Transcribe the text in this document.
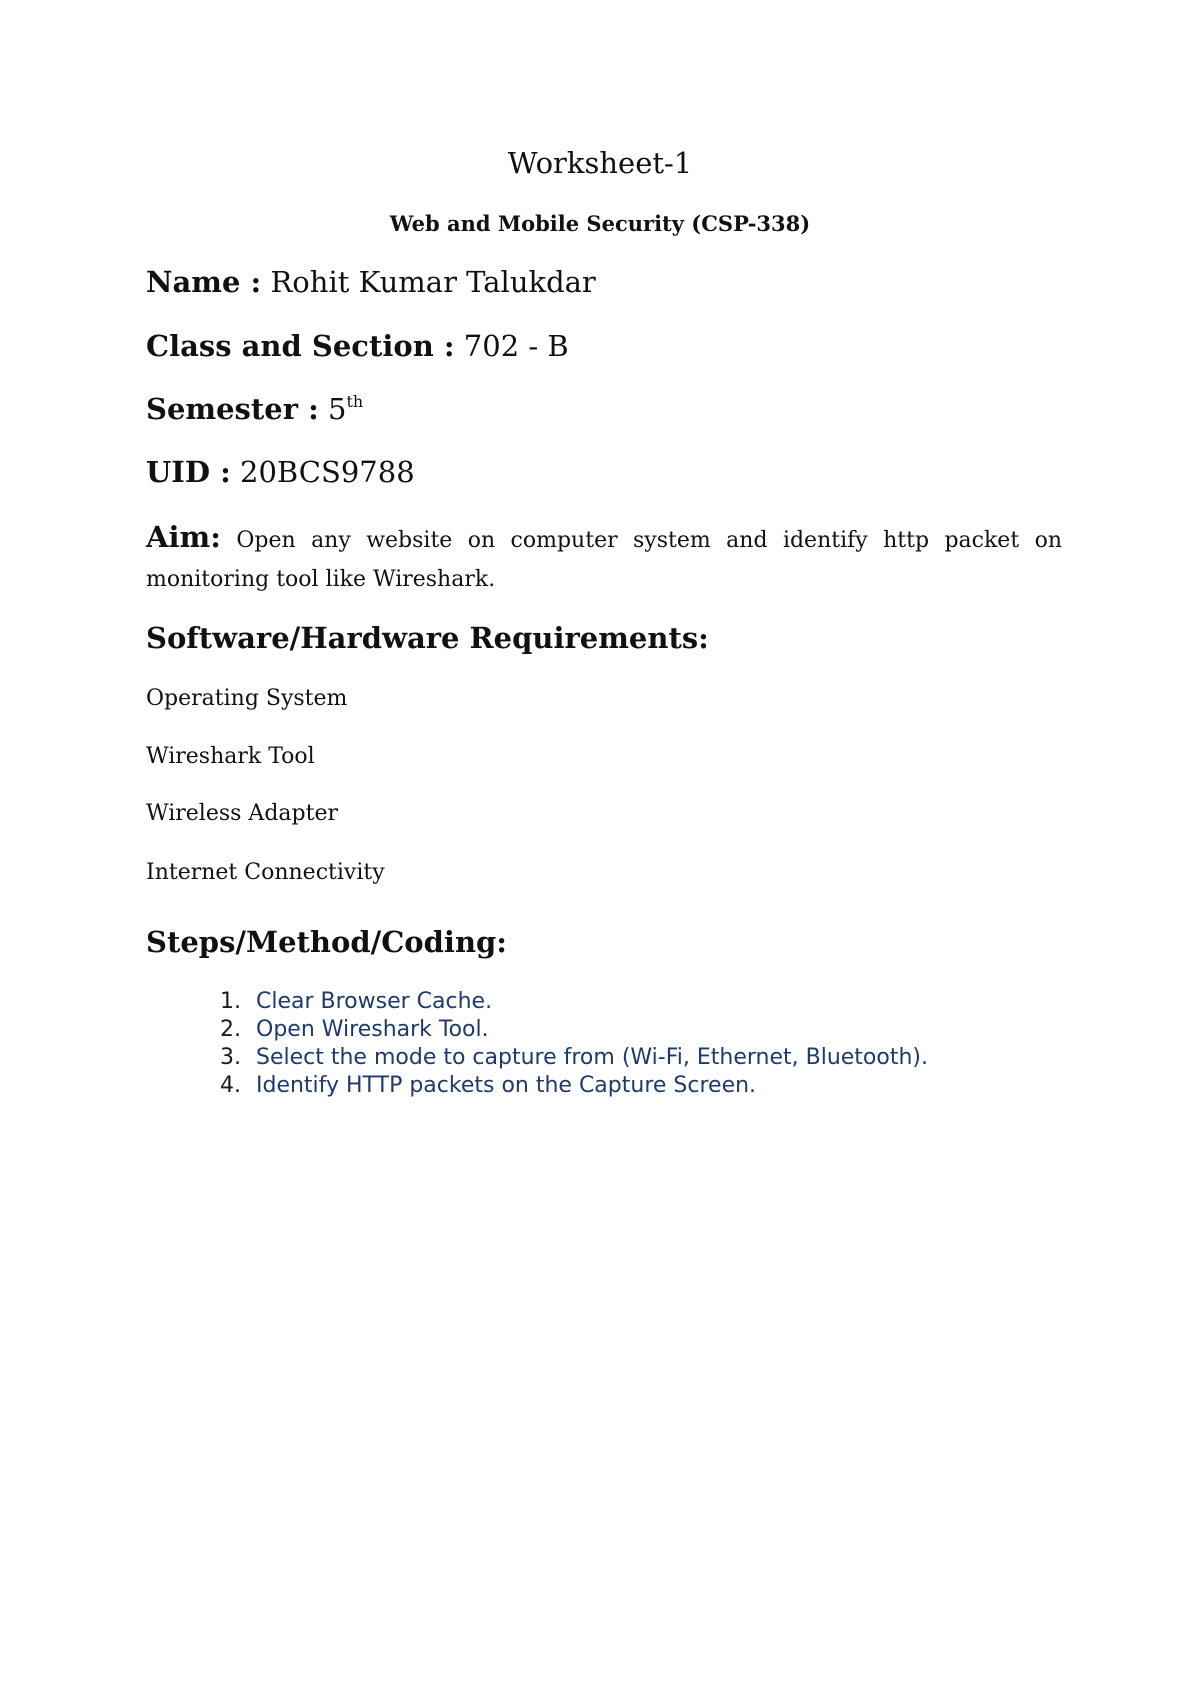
Worksheet-1
Web and Mobile Security (CSP-338)
Name : Rohit Kumar Talukdar
Class and Section : 702 - B
Semester : 5th
UID : 20BCS9788
Aim: Open any website on computer system and identify http packet on monitoring tool like Wireshark.
Software/Hardware Requirements:
Operating System
Wireshark Tool
Wireless Adapter
Internet Connectivity
Steps/Method/Coding:
1. Clear Browser Cache.
2. Open Wireshark Tool.
3. Select the mode to capture from (Wi-Fi, Ethernet, Bluetooth).
4. Identify HTTP packets on the Capture Screen.
